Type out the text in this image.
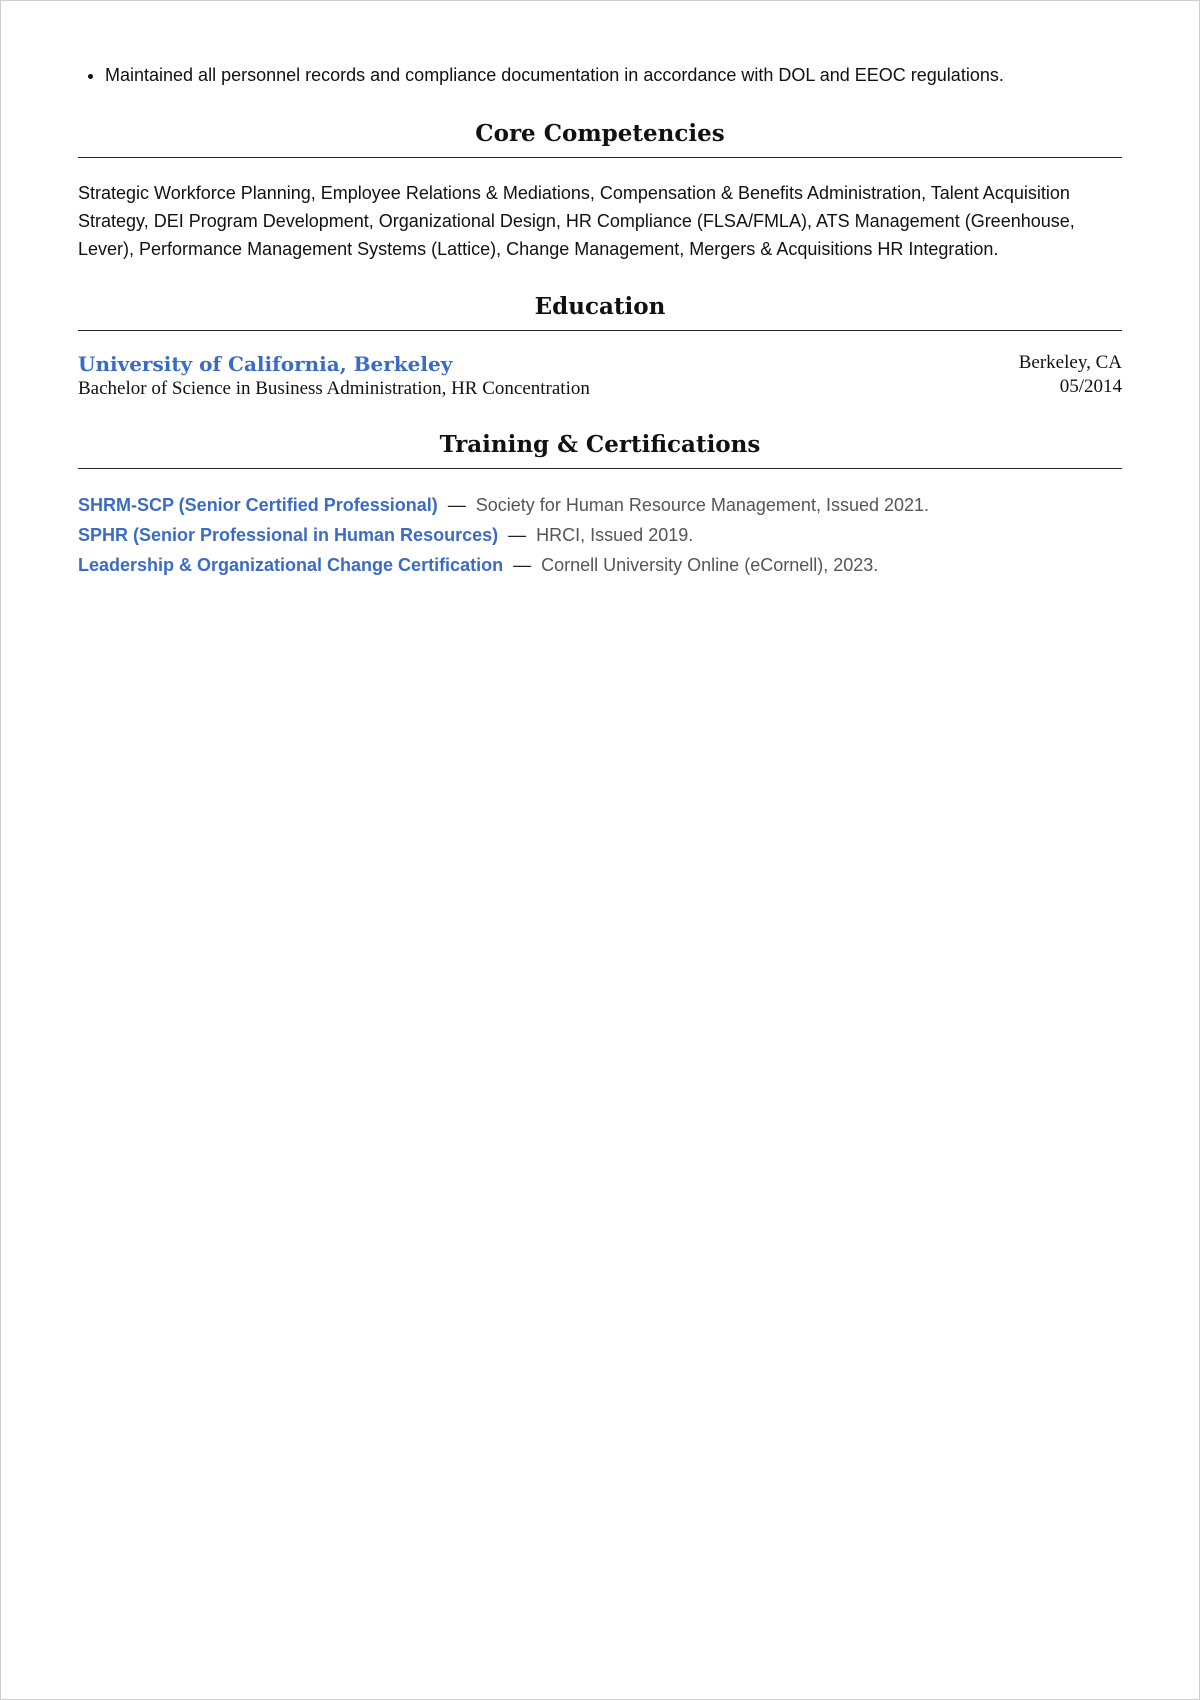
• Maintained all personnel records and compliance documentation in accordance with DOL and EEOC regulations.
Core Competencies

Strategic Workforce Planning, Employee Relations & Mediations, Compensation & Benefits Administration, Talent Acquisition Strategy, DEI Program Development, Organizational Design, HR Compliance (FLSA/FMLA), ATS Management (Greenhouse, Lever), Performance Management Systems (Lattice), Change Management, Mergers & Acquisitions HR Integration.

Education
University of California, Berkeley
Bachelor of Science in Business Administration, HR Concentration
Berkeley, CA
05/2014
Training & Certifications
SHRM-SCP (Senior Certified Professional)  —  Society for Human Resource Management, Issued 2021.
SPHR (Senior Professional in Human Resources)  —  HRCI, Issued 2019.
Leadership & Organizational Change Certification  —  Cornell University Online (eCornell), 2023.
